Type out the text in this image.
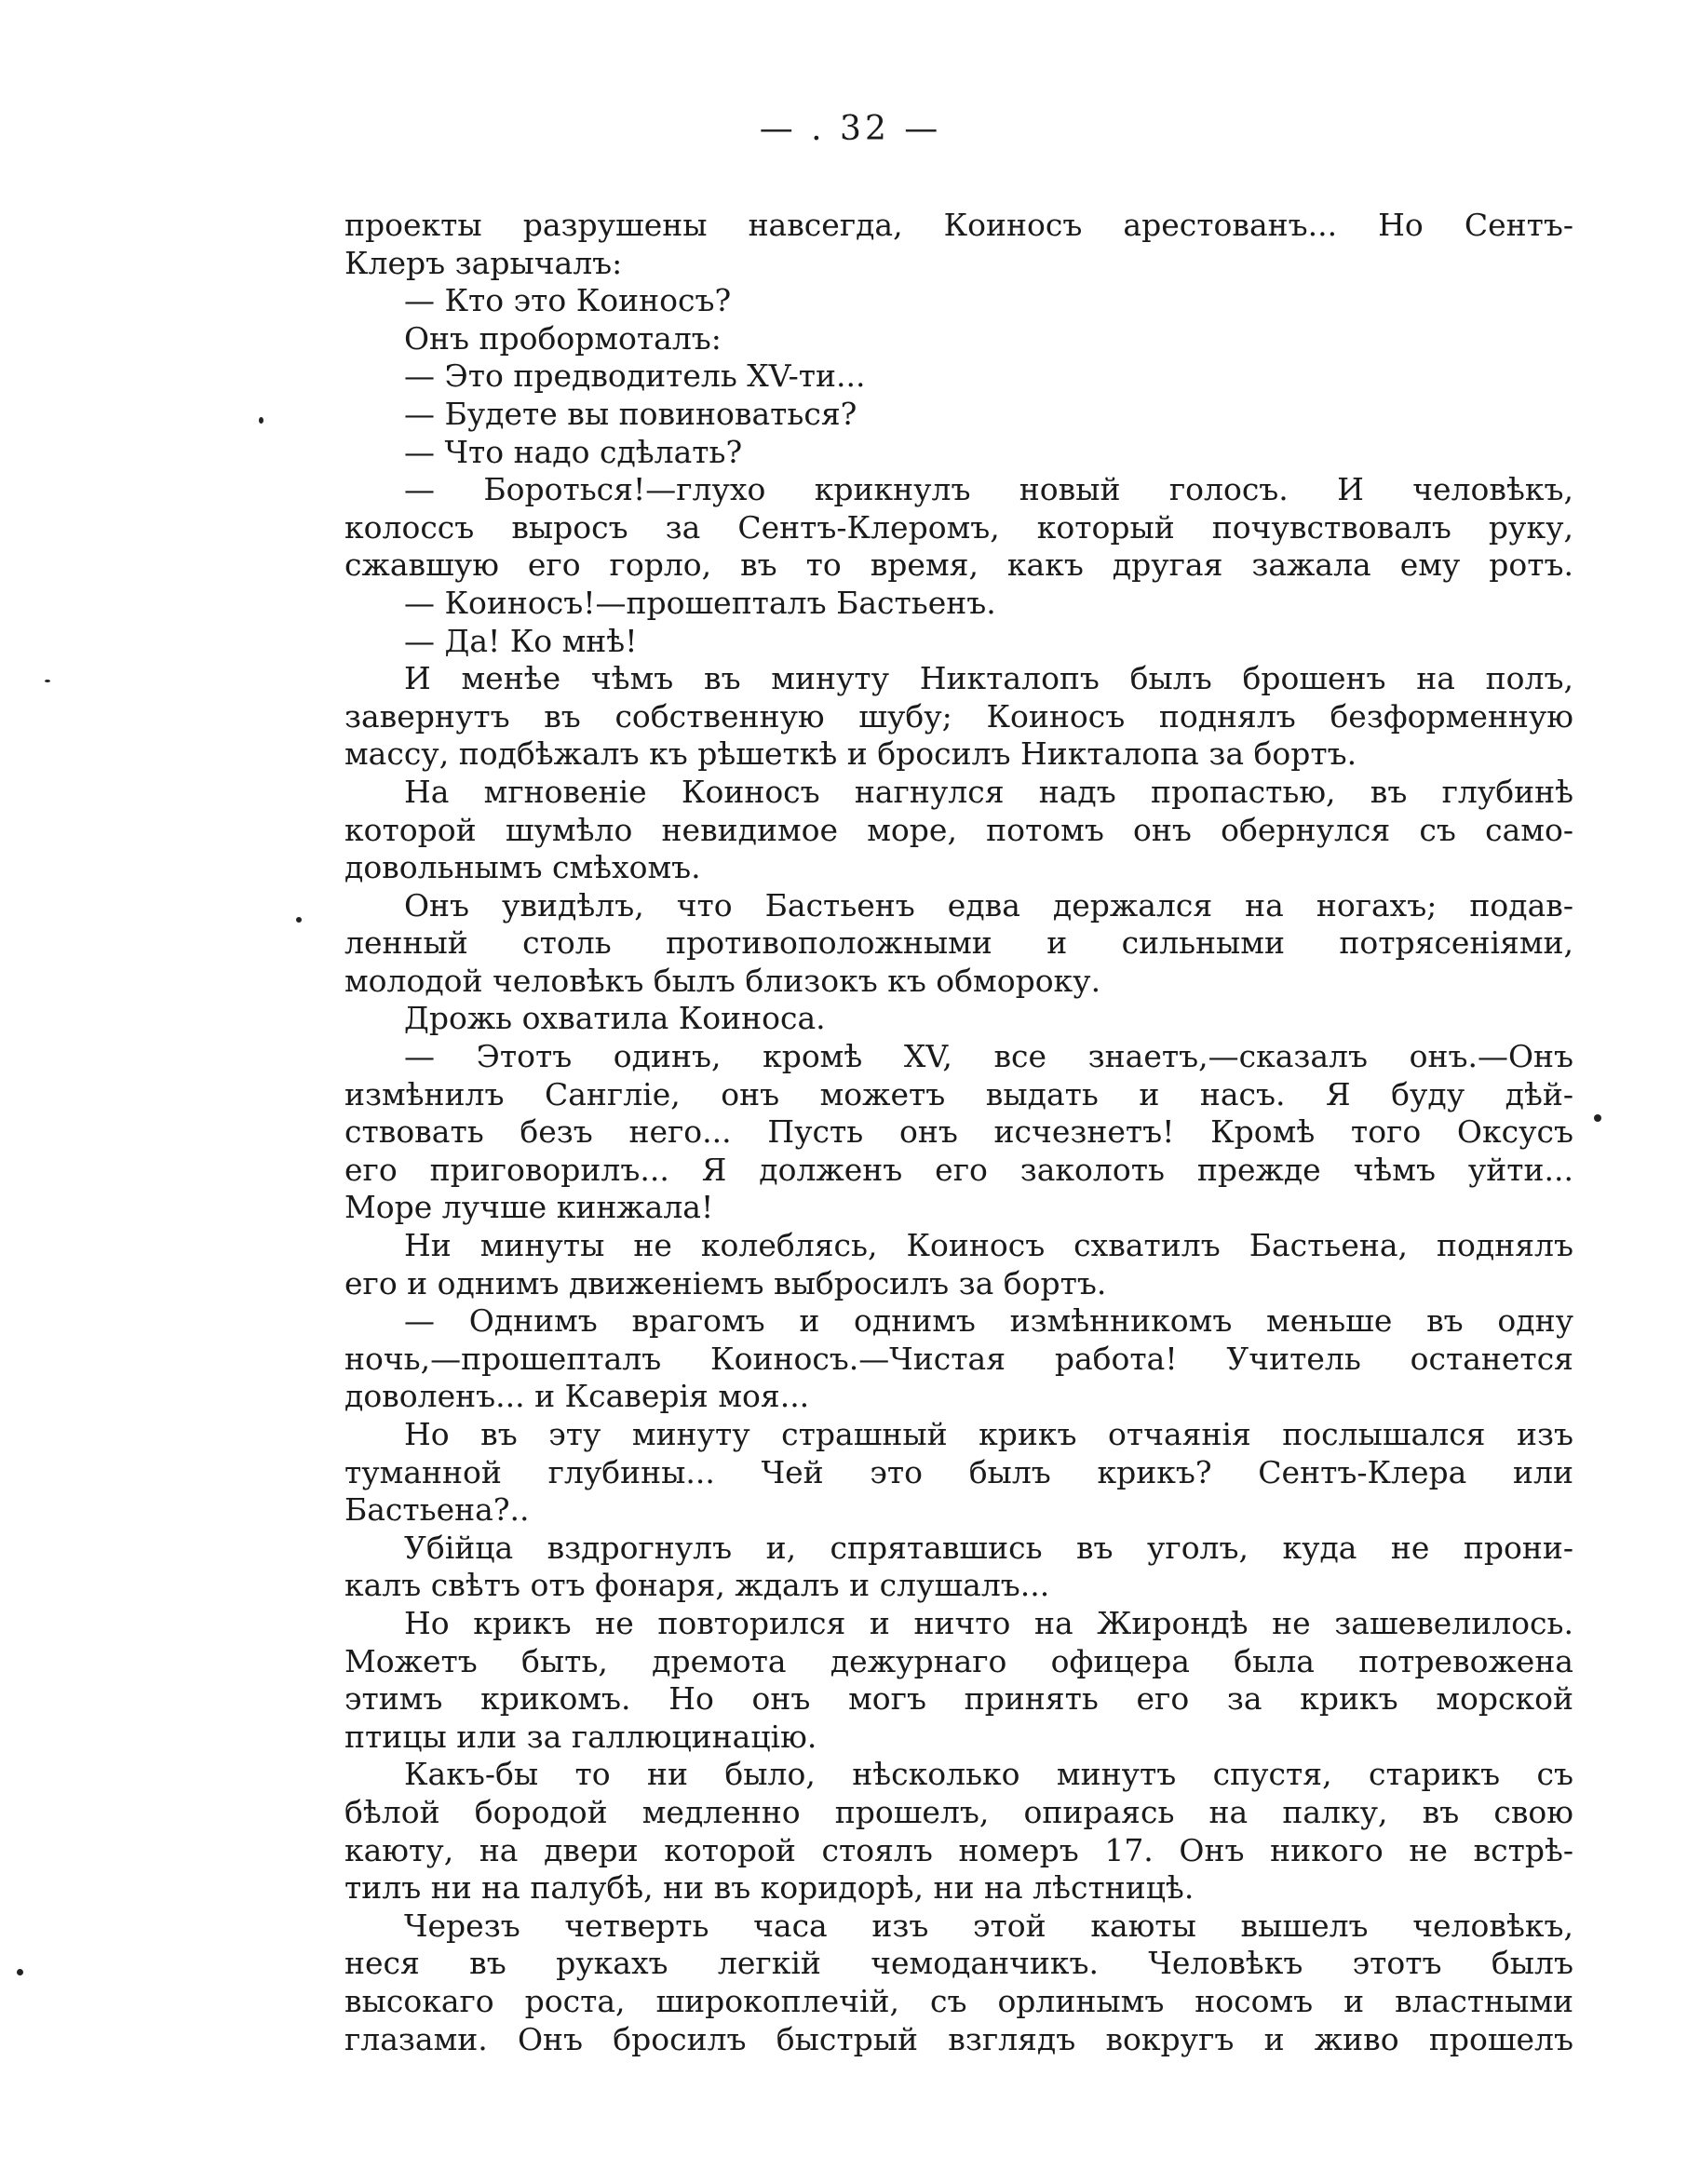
— . 32 —
проекты разрушены навсегда, Коиносъ арестованъ... Но Сентъ-
Клеръ зарычалъ:
— Кто это Коиносъ?
Онъ пробормоталъ:
— Это предводитель XV-ти...
— Будете вы повиноваться?
— Что надо сдѣлать?
— Бороться!—глухо крикнулъ новый голосъ. И человѣкъ,
колоссъ выросъ за Сентъ-Клеромъ, который почувствовалъ руку,
сжавшую его горло, въ то время, какъ другая зажала ему ротъ.
— Коиносъ!—прошепталъ Бастьенъ.
— Да! Ко мнѣ!
И менѣе чѣмъ въ минуту Никталопъ былъ брошенъ на полъ,
завернутъ въ собственную шубу; Коиносъ поднялъ безформенную
массу, подбѣжалъ къ рѣшеткѣ и бросилъ Никталопа за бортъ.
На мгновеніе Коиносъ нагнулся надъ пропастью, въ глубинѣ
которой шумѣло невидимое море, потомъ онъ обернулся съ само-
довольнымъ смѣхомъ.
Онъ увидѣлъ, что Бастьенъ едва держался на ногахъ; подав-
ленный столь противоположными и сильными потрясеніями,
молодой человѣкъ былъ близокъ къ обмороку.
Дрожь охватила Коиноса.
— Этотъ одинъ, кромѣ XV, все знаетъ,—сказалъ онъ.—Онъ
измѣнилъ Сангліе, онъ можетъ выдать и насъ. Я буду дѣй-
ствовать безъ него... Пусть онъ исчезнетъ! Кромѣ того Оксусъ
его приговорилъ... Я долженъ его заколоть прежде чѣмъ уйти...
Море лучше кинжала!
Ни минуты не колеблясь, Коиносъ схватилъ Бастьена, поднялъ
его и однимъ движеніемъ выбросилъ за бортъ.
— Однимъ врагомъ и однимъ измѣнникомъ меньше въ одну
ночь,—прошепталъ Коиносъ.—Чистая работа! Учитель останется
доволенъ... и Ксаверія моя...
Но въ эту минуту страшный крикъ отчаянія послышался изъ
туманной глубины... Чей это былъ крикъ? Сентъ-Клера или
Бастьена?..
Убійца вздрогнулъ и, спрятавшись въ уголъ, куда не прони-
калъ свѣтъ отъ фонаря, ждалъ и слушалъ...
Но крикъ не повторился и ничто на Жирондѣ не зашевелилось.
Можетъ быть, дремота дежурнаго офицера была потревожена
этимъ крикомъ. Но онъ могъ принять его за крикъ морской
птицы или за галлюцинацію.
Какъ-бы то ни было, нѣсколько минутъ спустя, старикъ съ
бѣлой бородой медленно прошелъ, опираясь на палку, въ свою
каюту, на двери которой стоялъ номеръ 17. Онъ никого не встрѣ-
тилъ ни на палубѣ, ни въ коридорѣ, ни на лѣстницѣ.
Черезъ четверть часа изъ этой каюты вышелъ человѣкъ,
неся въ рукахъ легкій чемоданчикъ. Человѣкъ этотъ былъ
высокаго роста, широкоплечій, съ орлинымъ носомъ и властными
глазами. Онъ бросилъ быстрый взглядъ вокругъ и живо прошелъ
